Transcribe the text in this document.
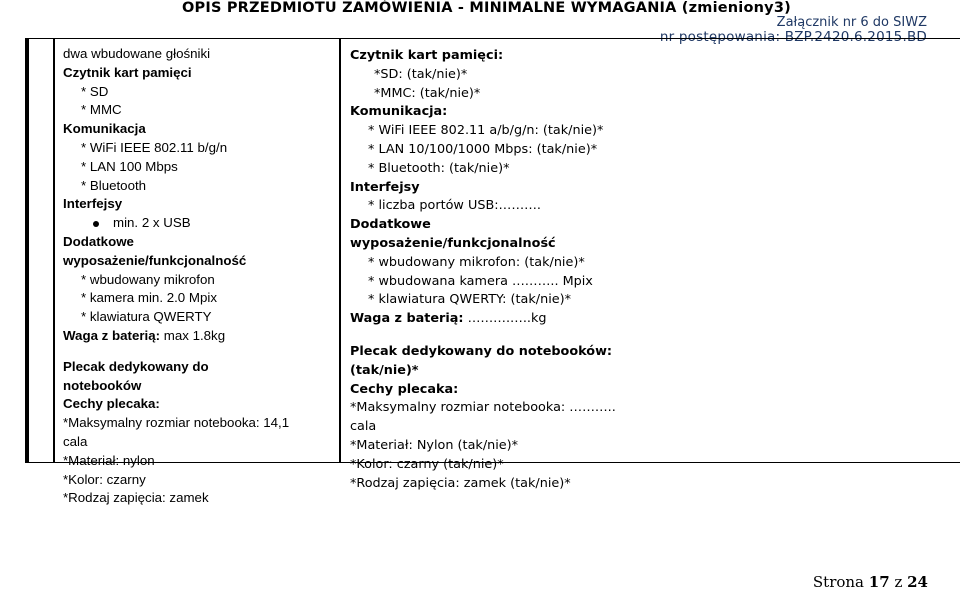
OPIS PRZEDMIOTU ZAMÓWIENIA - MINIMALNE WYMAGANIA (zmieniony3)
Załącznik nr 6 do SIWZ
nr postępowania: BZP.2420.6.2015.BD
dwa wbudowane głośniki
Czytnik kart pamięci
* SD
* MMC
Komunikacja
* WiFi IEEE 802.11 b/g/n
* LAN 100 Mbps
* Bluetooth
Interfejsy
min. 2 x USB
Dodatkowe
wyposażenie/funkcjonalność
* wbudowany mikrofon
* kamera min. 2.0 Mpix
* klawiatura QWERTY
Waga z baterią: max 1.8kg
Plecak dedykowany do
notebooków
Cechy plecaka:
*Maksymalny rozmiar notebooka: 14,1
cala
*Materiał: nylon
*Kolor: czarny
*Rodzaj zapięcia: zamek
Czytnik kart pamięci:
*SD: (tak/nie)*
*MMC: (tak/nie)*
Komunikacja:
* WiFi IEEE 802.11 a/b/g/n: (tak/nie)*
* LAN 10/100/1000 Mbps: (tak/nie)*
* Bluetooth: (tak/nie)*
Interfejsy
* liczba portów USB:……….
Dodatkowe
wyposażenie/funkcjonalność
* wbudowany mikrofon: (tak/nie)*
* wbudowana kamera ……….. Mpix
* klawiatura QWERTY: (tak/nie)*
Waga z baterią: ……….…..kg
Plecak dedykowany do notebooków:
(tak/nie)*
Cechy plecaka:
*Maksymalny rozmiar notebooka: ………..
cala
*Materiał: Nylon (tak/nie)*
*Kolor: czarny (tak/nie)*
*Rodzaj zapięcia: zamek (tak/nie)*
Strona 17 z 24
